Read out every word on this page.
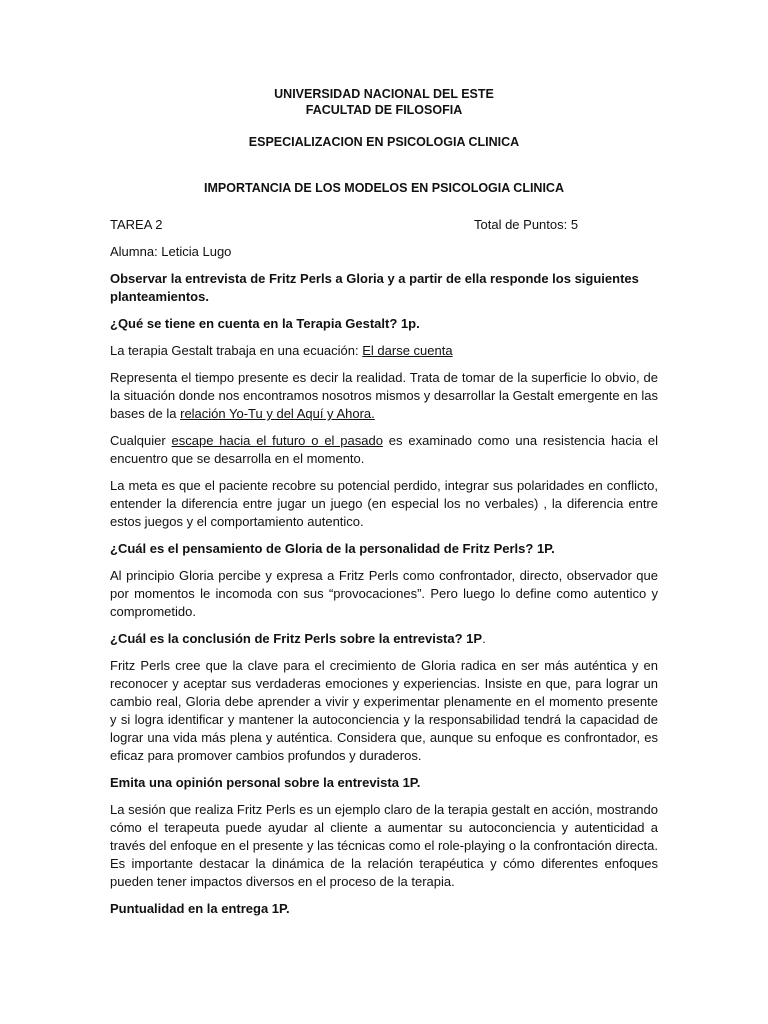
UNIVERSIDAD NACIONAL DEL ESTE

FACULTAD DE FILOSOFIA

ESPECIALIZACION EN PSICOLOGIA CLINICA

IMPORTANCIA DE LOS MODELOS EN PSICOLOGIA CLINICA

TAREA 2	Total de Puntos: 5

Alumna: Leticia Lugo

Observar la entrevista de Fritz Perls a Gloria y a partir de ella responde los siguientes planteamientos.

¿Qué se tiene en cuenta en la Terapia Gestalt? 1p.

La terapia Gestalt trabaja en una ecuación: El darse cuenta

Representa el tiempo presente es decir la realidad. Trata de tomar de la superficie lo obvio, de la situación donde nos encontramos nosotros mismos y desarrollar la Gestalt emergente en las bases de la relación Yo-Tu y del Aquí y Ahora.

Cualquier escape hacia el futuro o el pasado es examinado como una resistencia hacia el encuentro que se desarrolla en el momento.

La meta es que el paciente recobre su potencial perdido, integrar sus polaridades en conflicto, entender la diferencia entre jugar un juego (en especial los no verbales) , la diferencia entre estos juegos y el comportamiento autentico.

¿Cuál es el pensamiento de Gloria de la personalidad de Fritz Perls? 1P.

Al principio Gloria percibe y expresa a Fritz Perls como confrontador, directo, observador que por momentos le incomoda con sus “provocaciones”. Pero luego lo define como autentico y comprometido.

¿Cuál es la conclusión de Fritz Perls sobre la entrevista? 1P.

Fritz Perls cree que la clave para el crecimiento de Gloria radica en ser más auténtica y en reconocer y aceptar sus verdaderas emociones y experiencias. Insiste en que, para lograr un cambio real, Gloria debe aprender a vivir y experimentar plenamente en el momento presente y si logra identificar y mantener la autoconciencia y la responsabilidad tendrá la capacidad de lograr una vida más plena y auténtica. Considera que, aunque su enfoque es confrontador, es eficaz para promover cambios profundos y duraderos.

Emita una opinión personal sobre la entrevista 1P.

La sesión que realiza Fritz Perls es un ejemplo claro de la terapia gestalt en acción, mostrando cómo el terapeuta puede ayudar al cliente a aumentar su autoconciencia y autenticidad a través del enfoque en el presente y las técnicas como el role-playing o la confrontación directa. Es importante destacar la dinámica de la relación terapéutica y cómo diferentes enfoques pueden tener impactos diversos en el proceso de la terapia.

Puntualidad en la entrega 1P.
